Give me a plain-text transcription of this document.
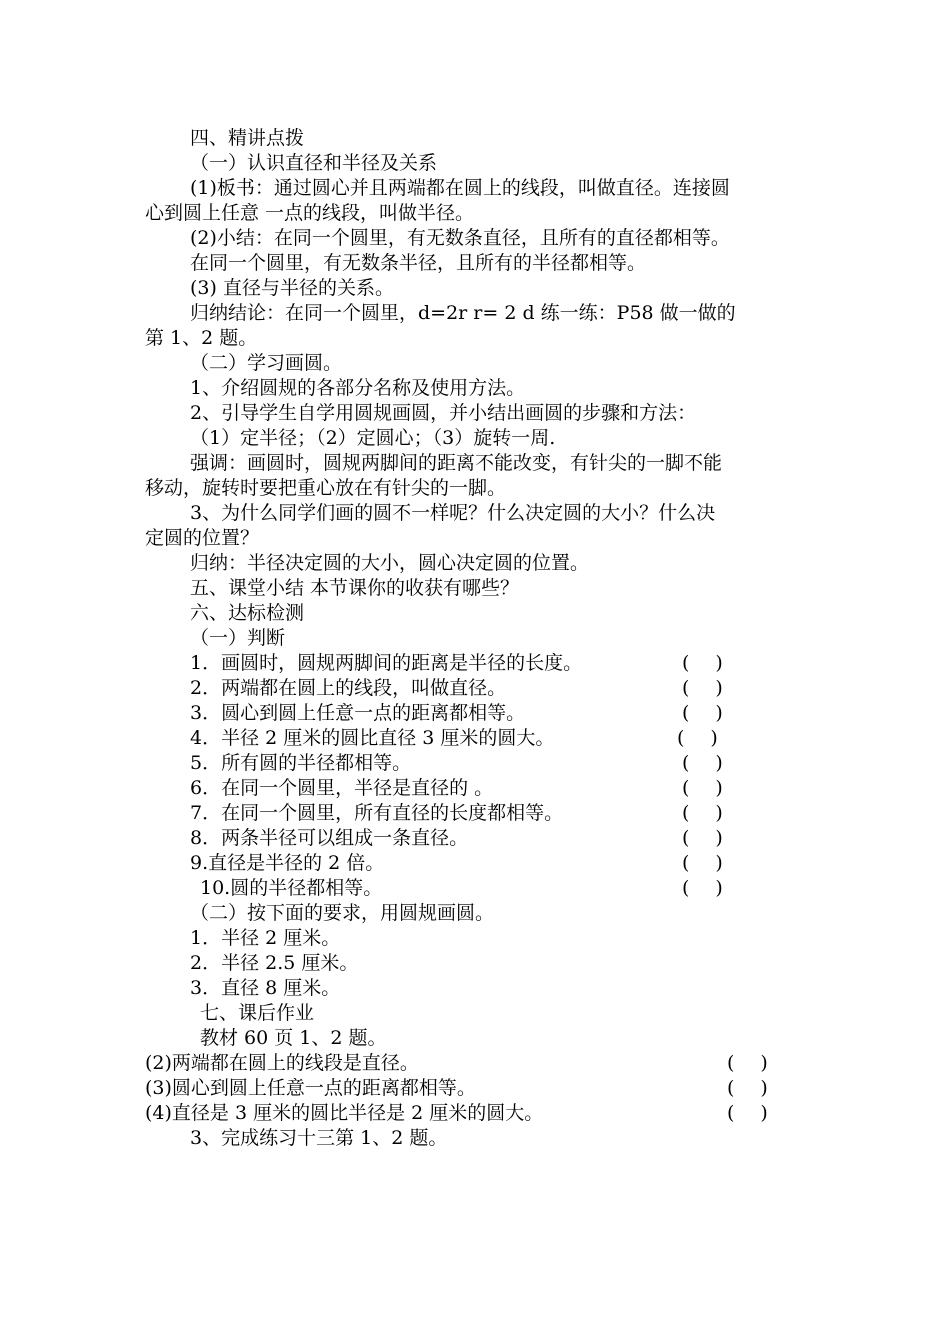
四、精讲点拨
（一）认识直径和半径及关系
(1)板书：通过圆心并且两端都在圆上的线段，叫做直径。连接圆
心到圆上任意 一点的线段，叫做半径。
(2)小结：在同一个圆里，有无数条直径，且所有的直径都相等。
在同一个圆里，有无数条半径，且所有的半径都相等。
(3) 直径与半径的关系。
归纳结论：在同一个圆里，d=2r r= 2 d 练一练：P58 做一做的
第 1、2 题。
（二）学习画圆。
1、介绍圆规的各部分名称及使用方法。
2、引导学生自学用圆规画圆，并小结出画圆的步骤和方法：
（1）定半径；（2）定圆心；（3）旋转一周.
强调：画圆时，圆规两脚间的距离不能改变，有针尖的一脚不能
移动，旋转时要把重心放在有针尖的一脚。
3、为什么同学们画的圆不一样呢？什么决定圆的大小？什么决
定圆的位置？
归纳：半径决定圆的大小，圆心决定圆的位置。
五、课堂小结 本节课你的收获有哪些？
六、达标检测
（一）判断
1．画圆时，圆规两脚间的距离是半径的长度。	()
2．两端都在圆上的线段，叫做直径。	()
3．圆心到圆上任意一点的距离都相等。	()
4．半径 2 厘米的圆比直径 3 厘米的圆大。	()
5．所有圆的半径都相等。	()
6．在同一个圆里，半径是直径的 。	()
7．在同一个圆里，所有直径的长度都相等。	()
8．两条半径可以组成一条直径。	()
9.直径是半径的 2 倍。	()
10.圆的半径都相等。	()
（二）按下面的要求，用圆规画圆。
1．半径 2 厘米。
2．半径 2.5 厘米。
3．直径 8 厘米。
七、课后作业
教材 60 页 1、2 题。
(2)两端都在圆上的线段是直径。	()
(3)圆心到圆上任意一点的距离都相等。	()
(4)直径是 3 厘米的圆比半径是 2 厘米的圆大。	()
3、完成练习十三第 1、2 题。
